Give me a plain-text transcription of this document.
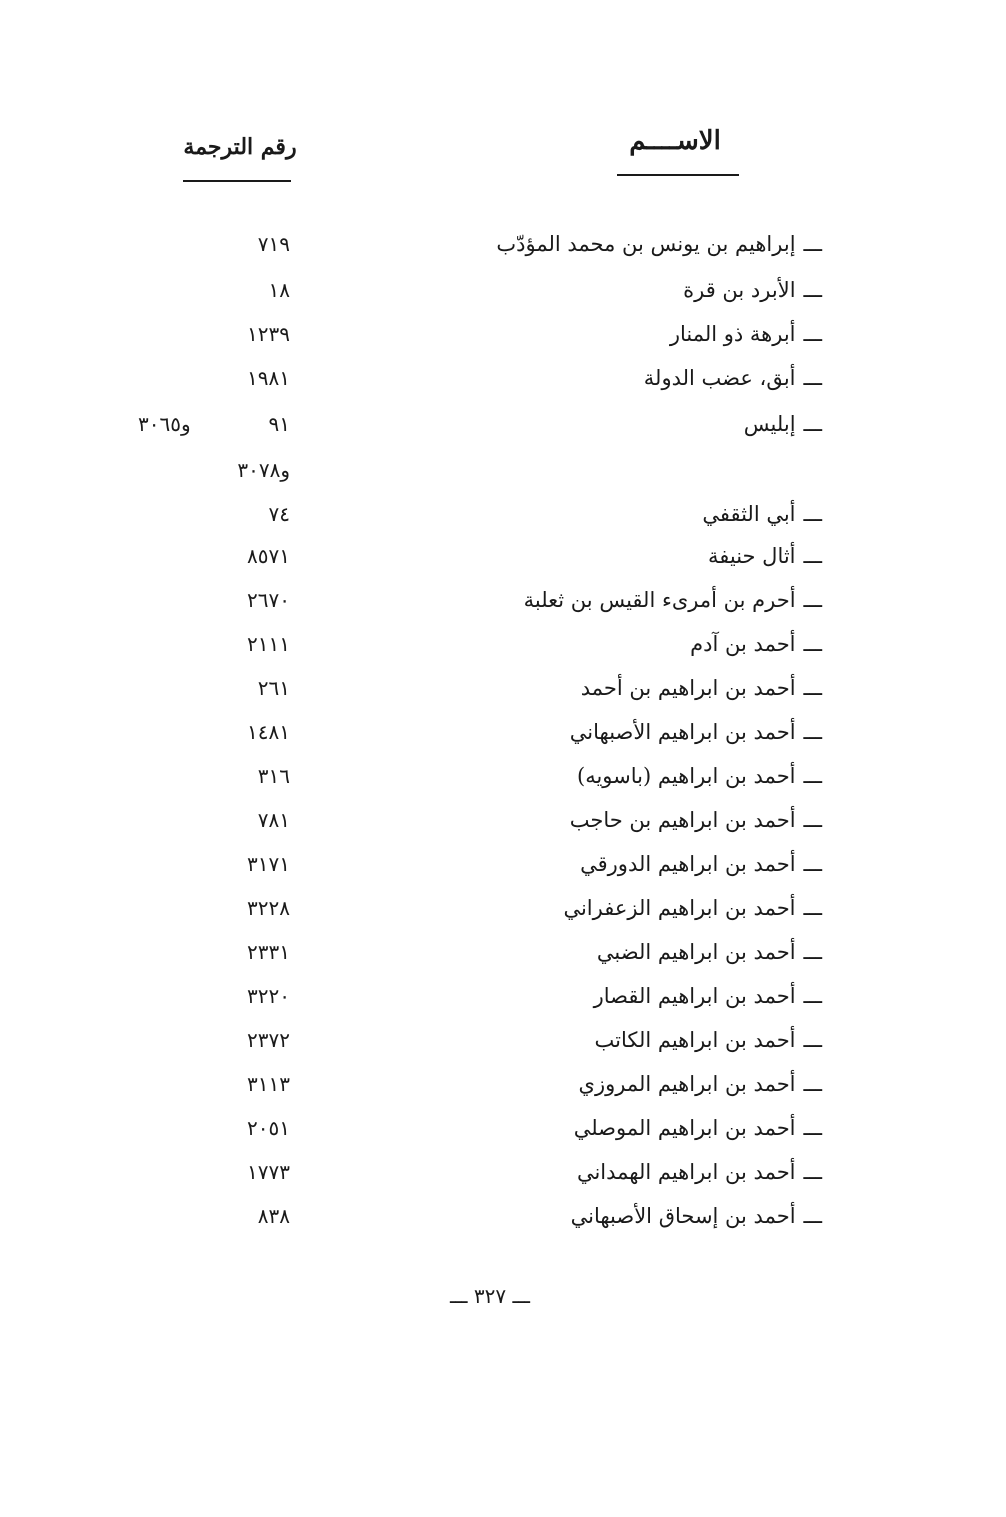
الاســــم
رقم الترجمة
ـــإبراهيم بن يونس بن محمد المؤدّب
٧١٩
ـــالأبرد بن قرة
١٨
ـــأبرهة ذو المنار
١٢٣٩
ـــأبق، عضب الدولة
١٩٨١
ـــإبليس
٩١
و٣٠٦٥
و٣٠٧٨
ـــأبي الثقفي
٧٤
ـــأثال حنيفة
٨٥٧١
ـــأحرم بن أمرىء القيس بن ثعلبة
٢٦٧٠
ـــأحمد بن آدم
٢١١١
ـــأحمد بن ابراهيم بن أحمد
٢٦١
ـــأحمد بن ابراهيم الأصبهاني
١٤٨١
ـــأحمد بن ابراهيم (باسويه)
٣١٦
ـــأحمد بن ابراهيم بن حاجب
٧٨١
ـــأحمد بن ابراهيم الدورقي
٣١٧١
ـــأحمد بن ابراهيم الزعفراني
٣٢٢٨
ـــأحمد بن ابراهيم الضبي
٢٣٣١
ـــأحمد بن ابراهيم القصار
٣٢٢٠
ـــأحمد بن ابراهيم الكاتب
٢٣٧٢
ـــأحمد بن ابراهيم المروزي
٣١١٣
ـــأحمد بن ابراهيم الموصلي
٢٠٥١
ـــأحمد بن ابراهيم الهمداني
١٧٧٣
ـــأحمد بن إسحاق الأصبهاني
٨٣٨
ـــ ٣٢٧ ـــ
